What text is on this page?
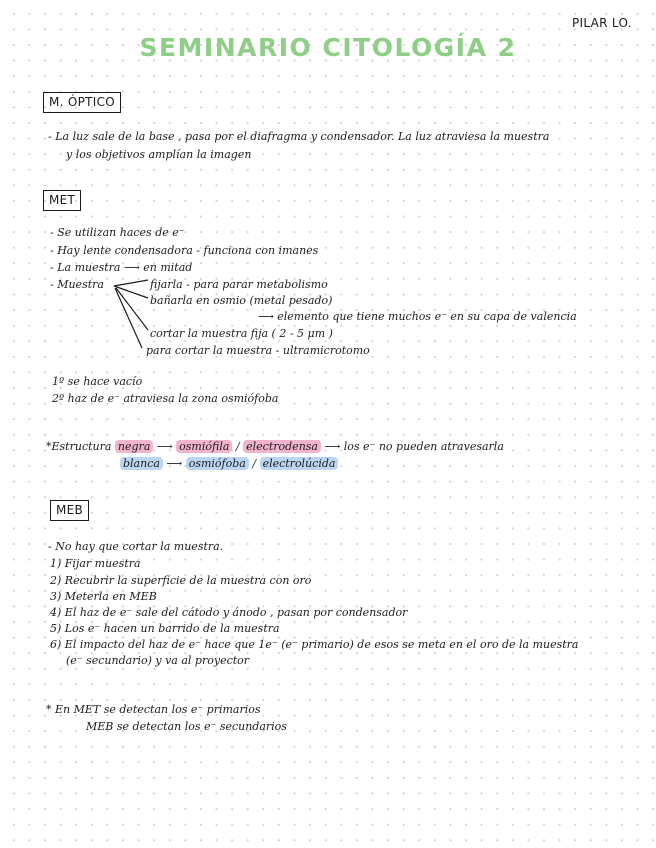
PILAR LO.
SEMINARIO CITOLOGÍA 2
M. ÓPTICO
- La luz sale de la base , pasa por el diafragma y condensador. La luz atraviesa la muestra
y los objetivos amplían la imagen
MET
- Se utilizan haces de e⁻
- Hay lente condensadora - funciona con imanes
- La muestra ⟶ en mitad
- Muestra	fijarla - para parar metabolismo
bañarla en osmio (metal pesado)
⟶ elemento que tiene muchos e⁻ en su capa de valencia
cortar la muestra fija ( 2 - 5 μm )
para cortar la muestra - ultramicrotomo
1º se hace vacío
2º haz de e⁻ atraviesa la zona osmiófoba
*Estructura negra ⟶ osmiófila / electrodensa ⟶ los e⁻ no pueden atravesarla
blanca ⟶ osmiófoba / electrolúcida
MEB
- No hay que cortar la muestra.
1) Fijar muestra
2) Recubrir la superficie de la muestra con oro
3) Meterla en MEB
4) El haz de e⁻ sale del cátodo y ánodo , pasan por condensador
5) Los e⁻ hacen un barrido de la muestra
6) El impacto del haz de e⁻ hace que 1e⁻ (e⁻ primario) de esos se meta en el oro de la muestra
(e⁻ secundario) y va al proyector
* En MET se detectan los e⁻ primarios
MEB se detectan los e⁻ secundarios
